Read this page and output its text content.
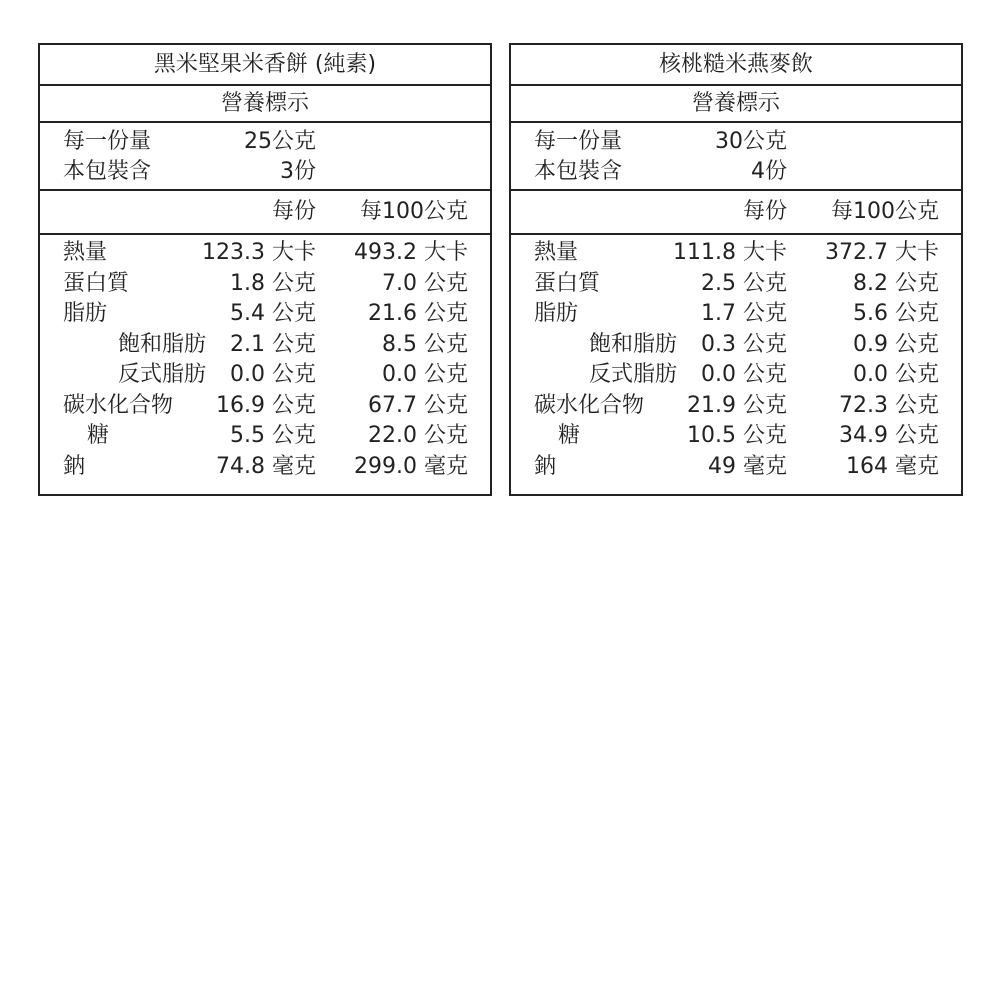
黑米堅果米香餅 (純素)
營養標示
每一份量	25公克
本包裝含	3份
每份 每100公克
熱量	123.3 大卡 493.2 大卡
蛋白質	1.8 公克	7.0 公克
脂肪	5.4 公克 21.6 公克
飽和脂肪 2.1 公克	8.5 公克
反式脂肪 0.0 公克	0.0 公克
碳水化合物 16.9 公克 67.7 公克
糖	5.5 公克 22.0 公克
鈉	74.8 毫克 299.0 毫克
核桃糙米燕麥飲
營養標示
每一份量	30公克
本包裝含	4份
每份 每100公克
熱量	111.8 大卡 372.7 大卡
蛋白質	2.5 公克	8.2 公克
脂肪	1.7 公克	5.6 公克
飽和脂肪 0.3 公克	0.9 公克
反式脂肪 0.0 公克	0.0 公克
碳水化合物 21.9 公克 72.3 公克
糖	10.5 公克 34.9 公克
鈉	49 毫克	164 毫克
